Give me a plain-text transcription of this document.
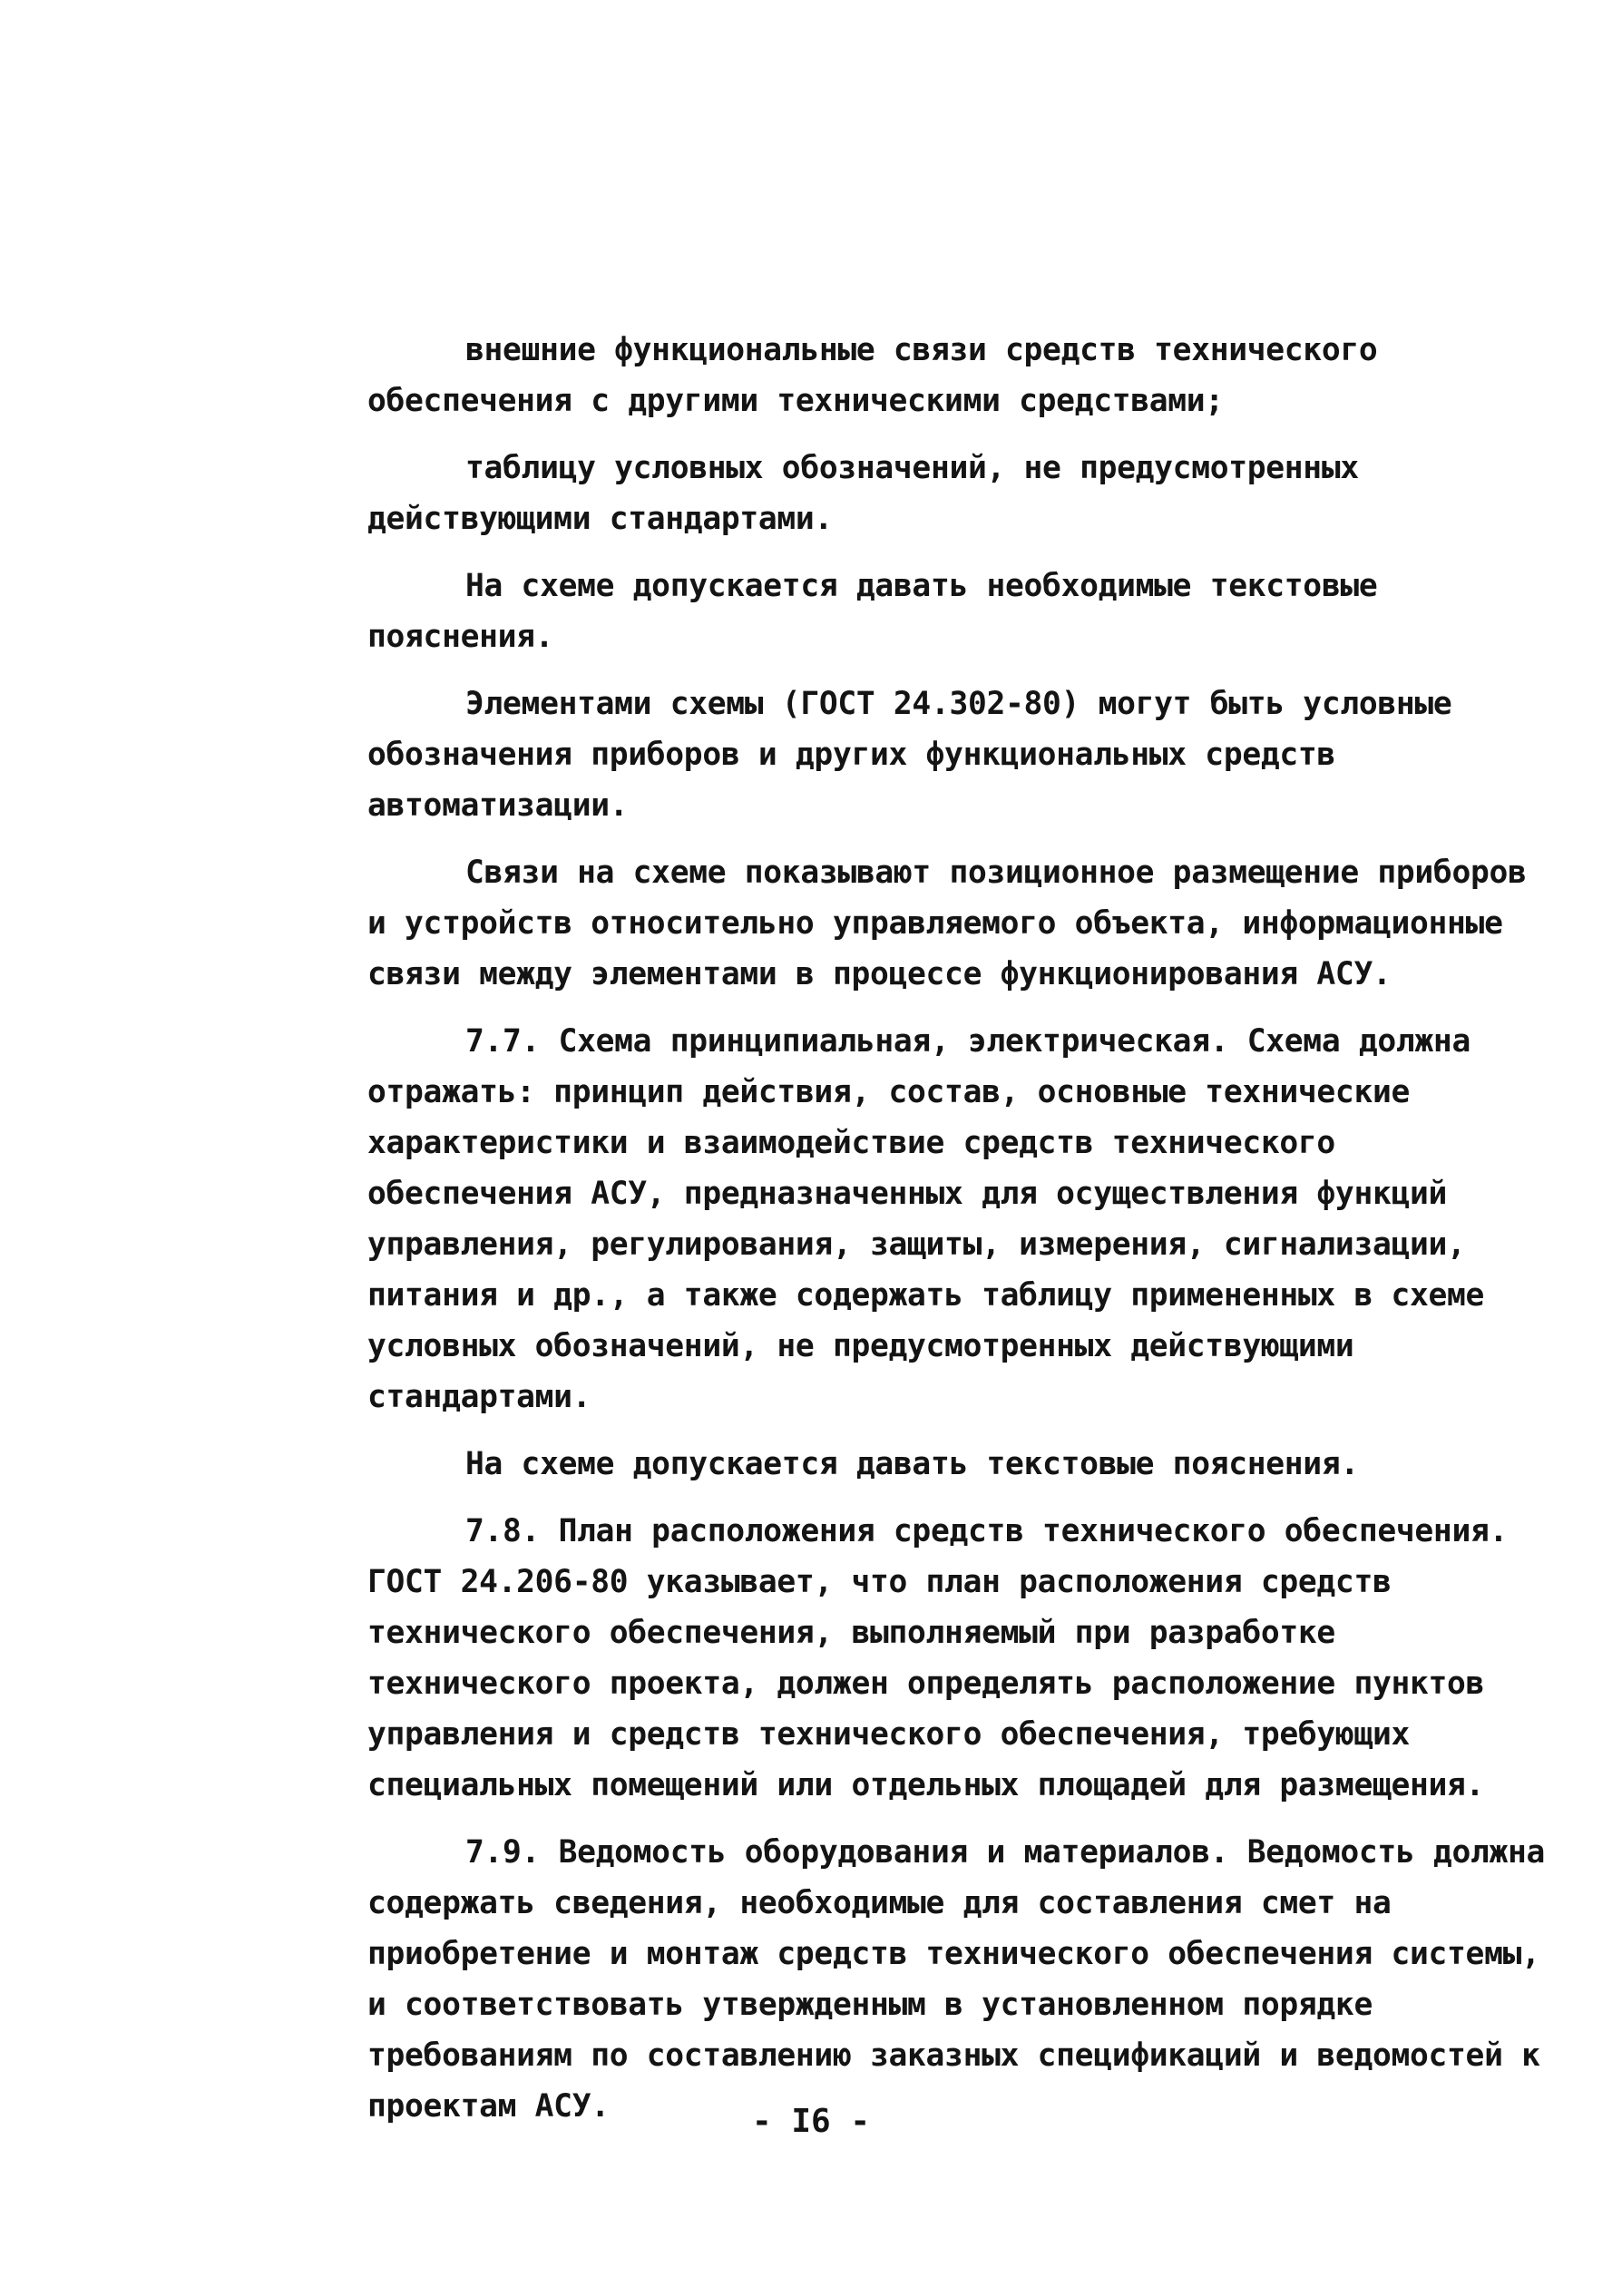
внешние функциональные связи средств технического обеспечения с другими техническими средствами;

таблицу условных обозначений, не предусмотренных действующими стандартами.

На схеме допускается давать необходимые текстовые пояснения.

Элементами схемы (ГОСТ 24.302-80) могут быть условные обозначения приборов и других функциональных средств автоматизации.

Связи на схеме показывают позиционное размещение приборов и устройств относительно управляемого объекта, информационные связи между элементами в процессе функционирования АСУ.

7.7. Схема принципиальная, электрическая. Схема должна отражать: принцип действия, состав, основные технические характеристики и взаимодействие средств технического обеспечения АСУ, предназначенных для осуществления функций управления, регулирования, защиты, измерения, сигнализации, питания и др., а также содержать таблицу примененных в схеме условных обозначений, не предусмотренных действующими стандартами.

На схеме допускается давать текстовые пояснения.

7.8. План расположения средств технического обеспечения. ГОСТ 24.206-80 указывает, что план расположения средств технического обеспечения, выполняемый при разработке технического проекта, должен определять расположение пунктов управления и средств технического обеспечения, требующих специальных помещений или отдельных площадей для размещения.

7.9. Ведомость оборудования и материалов. Ведомость должна содержать сведения, необходимые для составления смет на приобретение и монтаж средств технического обеспечения системы, и соответствовать утвержденным в установленном порядке требованиям по составлению заказных спецификаций и ведомостей к проектам АСУ.	- I6 -
